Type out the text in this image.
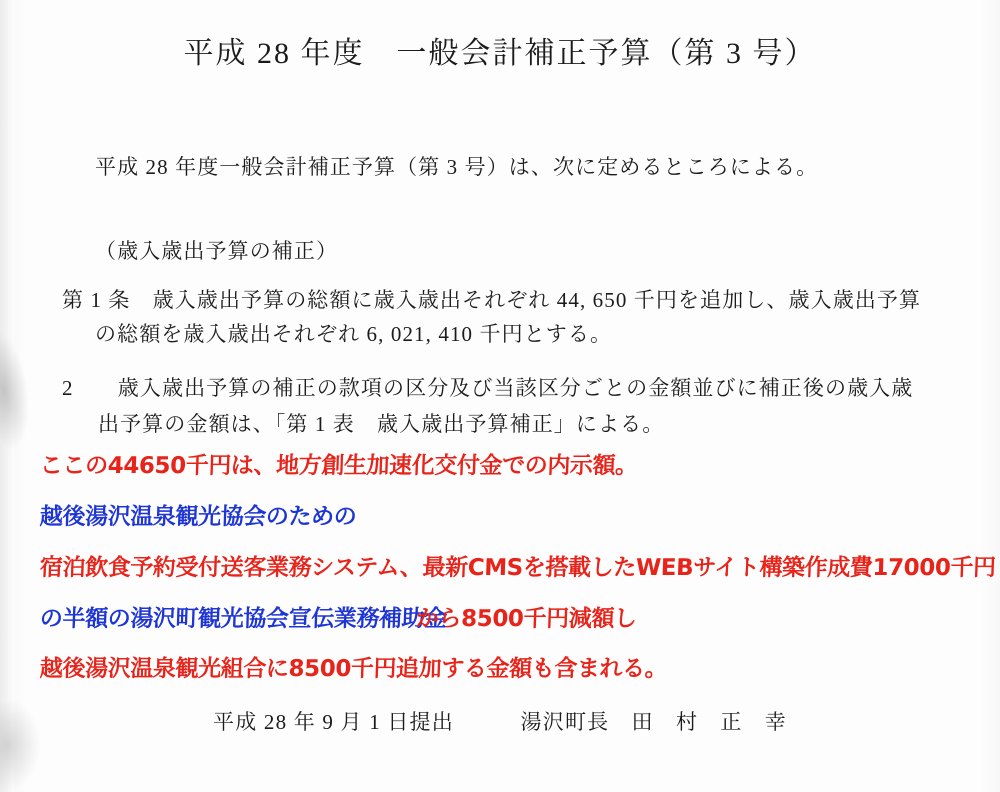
平成 28 年度　一般会計補正予算（第 3 号）
平成 28 年度一般会計補正予算（第 3 号）は、次に定めるところによる。
（歳入歳出予算の補正）
第 1 条　歳入歳出予算の総額に歳入歳出それぞれ 44, 650 千円を追加し、歳入歳出予算
の総額を歳入歳出それぞれ 6, 021, 410 千円とする。
2　　歳入歳出予算の補正の款項の区分及び当該区分ごとの金額並びに補正後の歳入歳
出予算の金額は、「第 1 表　歳入歳出予算補正」による。
ここの44650千円は、地方創生加速化交付金での内示額。
越後湯沢温泉観光協会のための
宿泊飲食予約受付送客業務システム、最新CMSを搭載したWEBサイト構築作成費17000千円
の半額の湯沢町観光協会宣伝業務補助金
から8500千円減額し
越後湯沢温泉観光組合に8500千円追加する金額も含まれる。
平成 28 年 9 月 1 日提出　　　湯沢町長　田　村　正　幸
